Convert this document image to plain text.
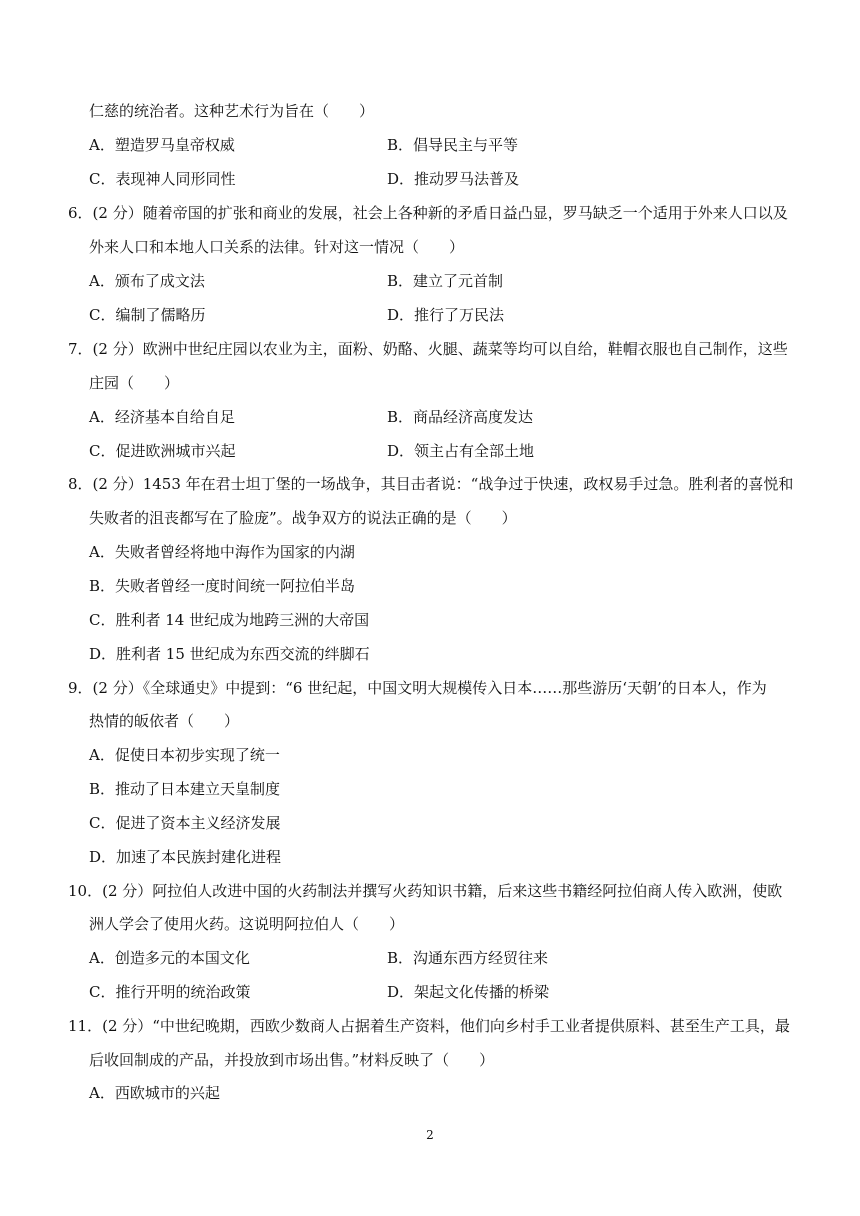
仁慈的统治者。这种艺术行为旨在（　　）
A．塑造罗马皇帝权威	B．倡导民主与平等
C．表现神人同形同性	D．推动罗马法普及
6．(2 分）随着帝国的扩张和商业的发展，社会上各种新的矛盾日益凸显，罗马缺乏一个适用于外来人口以及
外来人口和本地人口关系的法律。针对这一情况（　　）
A．颁布了成文法	B．建立了元首制
C．编制了儒略历	D．推行了万民法
7．(2 分）欧洲中世纪庄园以农业为主，面粉、奶酪、火腿、蔬菜等均可以自给，鞋帽衣服也自己制作，这些
庄园（　　）
A．经济基本自给自足	B．商品经济高度发达
C．促进欧洲城市兴起	D．领主占有全部土地
8．(2 分）1453 年在君士坦丁堡的一场战争，其目击者说：“战争过于快速，政权易手过急。胜利者的喜悦和
失败者的沮丧都写在了脸庞”。战争双方的说法正确的是（　　）
A．失败者曾经将地中海作为国家的内湖
B．失败者曾经一度时间统一阿拉伯半岛
C．胜利者 14 世纪成为地跨三洲的大帝国
D．胜利者 15 世纪成为东西交流的绊脚石
9．(2 分）《全球通史》中提到：“6 世纪起，中国文明大规模传入日本……那些游历‘天朝’的日本人，作为
热情的皈依者（　　）
A．促使日本初步实现了统一
B．推动了日本建立天皇制度
C．促进了资本主义经济发展
D．加速了本民族封建化进程
10．(2 分）阿拉伯人改进中国的火药制法并撰写火药知识书籍，后来这些书籍经阿拉伯商人传入欧洲，使欧
洲人学会了使用火药。这说明阿拉伯人（　　）
A．创造多元的本国文化	B．沟通东西方经贸往来
C．推行开明的统治政策	D．架起文化传播的桥梁
11．(2 分）“中世纪晚期，西欧少数商人占据着生产资料，他们向乡村手工业者提供原料、甚至生产工具，最
后收回制成的产品，并投放到市场出售。”材料反映了（　　）
A．西欧城市的兴起
2
